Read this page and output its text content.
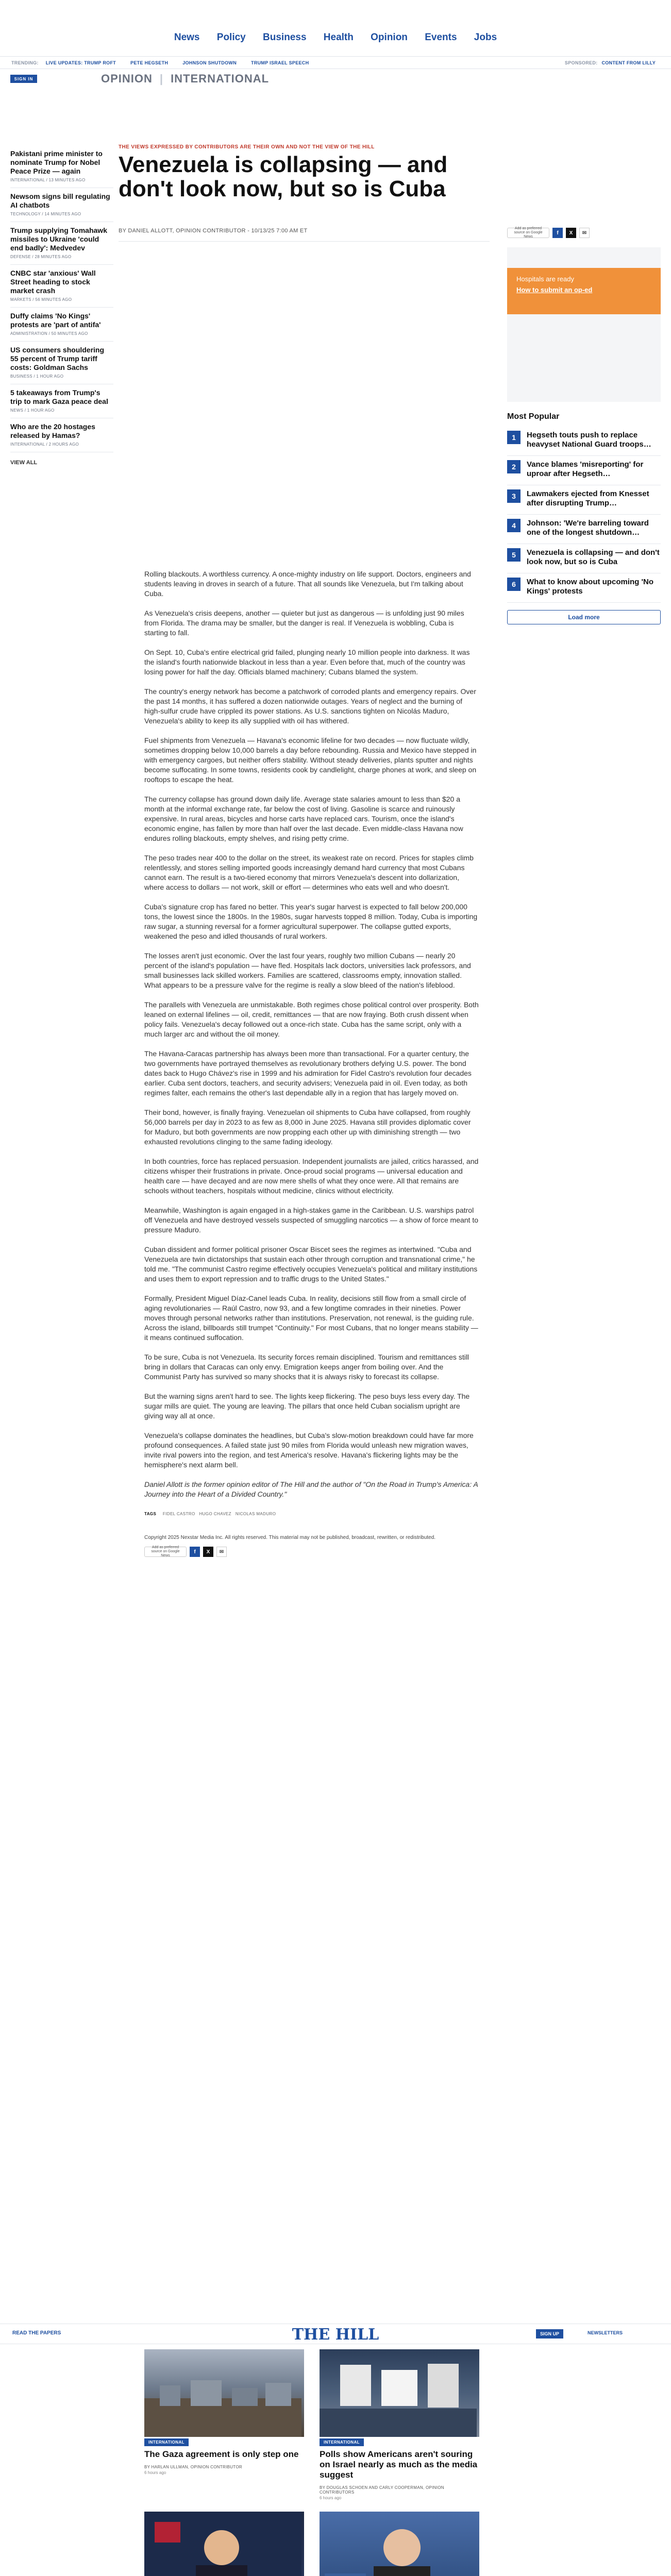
News Policy Business Health Opinion Events Jobs
TRENDING: LIVE UPDATES: TRUMP ROFT	PETE HEGSETH	JOHNSON SHUTDOWN	TRUMP ISRAEL SPEECH	SPONSORED: CONTENT FROM LILLY
SIGN IN	OPINION | INTERNATIONAL
Pakistani prime minister to nominate Trump for Nobel Peace Prize — again
INTERNATIONAL / 13 MINUTES AGO
Newsom signs bill regulating AI chatbots
TECHNOLOGY / 14 MINUTES AGO
Trump supplying Tomahawk missiles to Ukraine 'could end badly': Medvedev
DEFENSE / 28 MINUTES AGO
CNBC star 'anxious' Wall Street heading to stock market crash
MARKETS / 56 MINUTES AGO
Duffy claims 'No Kings' protests are 'part of antifa'
ADMINISTRATION / 50 MINUTES AGO
US consumers shouldering 55 percent of Trump tariff costs: Goldman Sachs
BUSINESS / 1 HOUR AGO
5 takeaways from Trump's trip to mark Gaza peace deal
NEWS / 1 HOUR AGO
Who are the 20 hostages released by Hamas?
INTERNATIONAL / 2 HOURS AGO
VIEW ALL
THE VIEWS EXPRESSED BY CONTRIBUTORS ARE THEIR OWN AND NOT THE VIEW OF THE HILL
Venezuela is collapsing — and don't look now, but so is Cuba
BY DANIEL ALLOTT, OPINION CONTRIBUTOR - 10/13/25 7:00 AM ET	Add as preferred source on Google News
f	X	✉
Hospitals are ready
How to submit an op-ed
Most Popular
1	Hegseth touts push to replace heavyset National Guard troops…
2	Vance blames 'misreporting' for uproar after Hegseth…
3	Lawmakers ejected from Knesset after disrupting Trump…
4	Johnson: 'We're barreling toward one of the longest shutdown…
5	Venezuela is collapsing — and don't look now, but so is Cuba
6	What to know about upcoming 'No Kings' protests
Load more

Rolling blackouts. A worthless currency. A once-mighty industry on life support. Doctors, engineers and students leaving in droves in search of a future. That all sounds like Venezuela, but I'm talking about Cuba.

As Venezuela's crisis deepens, another — quieter but just as dangerous — is unfolding just 90 miles from Florida. The drama may be smaller, but the danger is real. If Venezuela is wobbling, Cuba is starting to fall.

On Sept. 10, Cuba's entire electrical grid failed, plunging nearly 10 million people into darkness. It was the island's fourth nationwide blackout in less than a year. Even before that, much of the country was losing power for half the day. Officials blamed machinery; Cubans blamed the system.

The country's energy network has become a patchwork of corroded plants and emergency repairs. Over the past 14 months, it has suffered a dozen nationwide outages. Years of neglect and the burning of high-sulfur crude have crippled its power stations. As U.S. sanctions tighten on Nicolás Maduro, Venezuela's ability to keep its ally supplied with oil has withered.

Fuel shipments from Venezuela — Havana's economic lifeline for two decades — now fluctuate wildly, sometimes dropping below 10,000 barrels a day before rebounding. Russia and Mexico have stepped in with emergency cargoes, but neither offers stability. Without steady deliveries, plants sputter and nights become suffocating. In some towns, residents cook by candlelight, charge phones at work, and sleep on rooftops to escape the heat.

The currency collapse has ground down daily life. Average state salaries amount to less than $20 a month at the informal exchange rate, far below the cost of living. Gasoline is scarce and ruinously expensive. In rural areas, bicycles and horse carts have replaced cars. Tourism, once the island's economic engine, has fallen by more than half over the last decade. Even middle-class Havana now endures rolling blackouts, empty shelves, and rising petty crime.

The peso trades near 400 to the dollar on the street, its weakest rate on record. Prices for staples climb relentlessly, and stores selling imported goods increasingly demand hard currency that most Cubans cannot earn. The result is a two-tiered economy that mirrors Venezuela's descent into dollarization, where access to dollars — not work, skill or effort — determines who eats well and who doesn't.

Cuba's signature crop has fared no better. This year's sugar harvest is expected to fall below 200,000 tons, the lowest since the 1800s. In the 1980s, sugar harvests topped 8 million. Today, Cuba is importing raw sugar, a stunning reversal for a former agricultural superpower. The collapse gutted exports, weakened the peso and idled thousands of rural workers.

The losses aren't just economic. Over the last four years, roughly two million Cubans — nearly 20 percent of the island's population — have fled. Hospitals lack doctors, universities lack professors, and small businesses lack skilled workers. Families are scattered, classrooms empty, innovation stalled. What appears to be a pressure valve for the regime is really a slow bleed of the nation's lifeblood.

The parallels with Venezuela are unmistakable. Both regimes chose political control over prosperity. Both leaned on external lifelines — oil, credit, remittances — that are now fraying. Both crush dissent when policy fails. Venezuela's decay followed out a once-rich state. Cuba has the same script, only with a much larger arc and without the oil money.

The Havana-Caracas partnership has always been more than transactional. For a quarter century, the two governments have portrayed themselves as revolutionary brothers defying U.S. power. The bond dates back to Hugo Chávez's rise in 1999 and his admiration for Fidel Castro's revolution four decades earlier. Cuba sent doctors, teachers, and security advisers; Venezuela paid in oil. Even today, as both regimes falter, each remains the other's last dependable ally in a region that has largely moved on.

Their bond, however, is finally fraying. Venezuelan oil shipments to Cuba have collapsed, from roughly 56,000 barrels per day in 2023 to as few as 8,000 in June 2025. Havana still provides diplomatic cover for Maduro, but both governments are now propping each other up with diminishing strength — two exhausted revolutions clinging to the same fading ideology.

In both countries, force has replaced persuasion. Independent journalists are jailed, critics harassed, and citizens whisper their frustrations in private. Once-proud social programs — universal education and health care — have decayed and are now mere shells of what they once were. All that remains are schools without teachers, hospitals without medicine, clinics without electricity.

Meanwhile, Washington is again engaged in a high-stakes game in the Caribbean. U.S. warships patrol off Venezuela and have destroyed vessels suspected of smuggling narcotics — a show of force meant to pressure Maduro.

Cuban dissident and former political prisoner Oscar Biscet sees the regimes as intertwined. "Cuba and Venezuela are twin dictatorships that sustain each other through corruption and transnational crime," he told me. "The communist Castro regime effectively occupies Venezuela's political and military institutions and uses them to export repression and to traffic drugs to the United States."

Formally, President Miguel Díaz-Canel leads Cuba. In reality, decisions still flow from a small circle of aging revolutionaries — Raúl Castro, now 93, and a few longtime comrades in their nineties. Power moves through personal networks rather than institutions. Preservation, not renewal, is the guiding rule. Across the island, billboards still trumpet "Continuity." For most Cubans, that no longer means stability — it means continued suffocation.

To be sure, Cuba is not Venezuela. Its security forces remain disciplined. Tourism and remittances still bring in dollars that Caracas can only envy. Emigration keeps anger from boiling over. And the Communist Party has survived so many shocks that it is always risky to forecast its collapse.

But the warning signs aren't hard to see. The lights keep flickering. The peso buys less every day. The sugar mills are quiet. The young are leaving. The pillars that once held Cuban socialism upright are giving way all at once.

Venezuela's collapse dominates the headlines, but Cuba's slow-motion breakdown could have far more profound consequences. A failed state just 90 miles from Florida would unleash new migration waves, invite rival powers into the region, and test America's resolve. Havana's flickering lights may be the hemisphere's next alarm bell.

Daniel Allott is the former opinion editor of The Hill and the author of "On the Road in Trump's America: A Journey into the Heart of a Divided Country."

TAGS FIDEL CASTRO HUGO CHAVEZ NICOLAS MADURO
Copyright 2025 Nexstar Media Inc. All rights reserved. This material may not be published, broadcast, rewritten, or redistributed.
Add as preferred source on Google News
f	X	✉
READ THE PAPERS	THE HILL	SIGN UP	NEWSLETTERS
INTERNATIONAL
The Gaza agreement is only step one
BY HARLAN ULLMAN, OPINION CONTRIBUTOR
6 hours ago
INTERNATIONAL
Polls show Americans aren't souring on Israel nearly as much as the media suggest
BY DOUGLAS SCHOEN AND CARLY COOPERMAN, OPINION CONTRIBUTORS
6 hours ago
